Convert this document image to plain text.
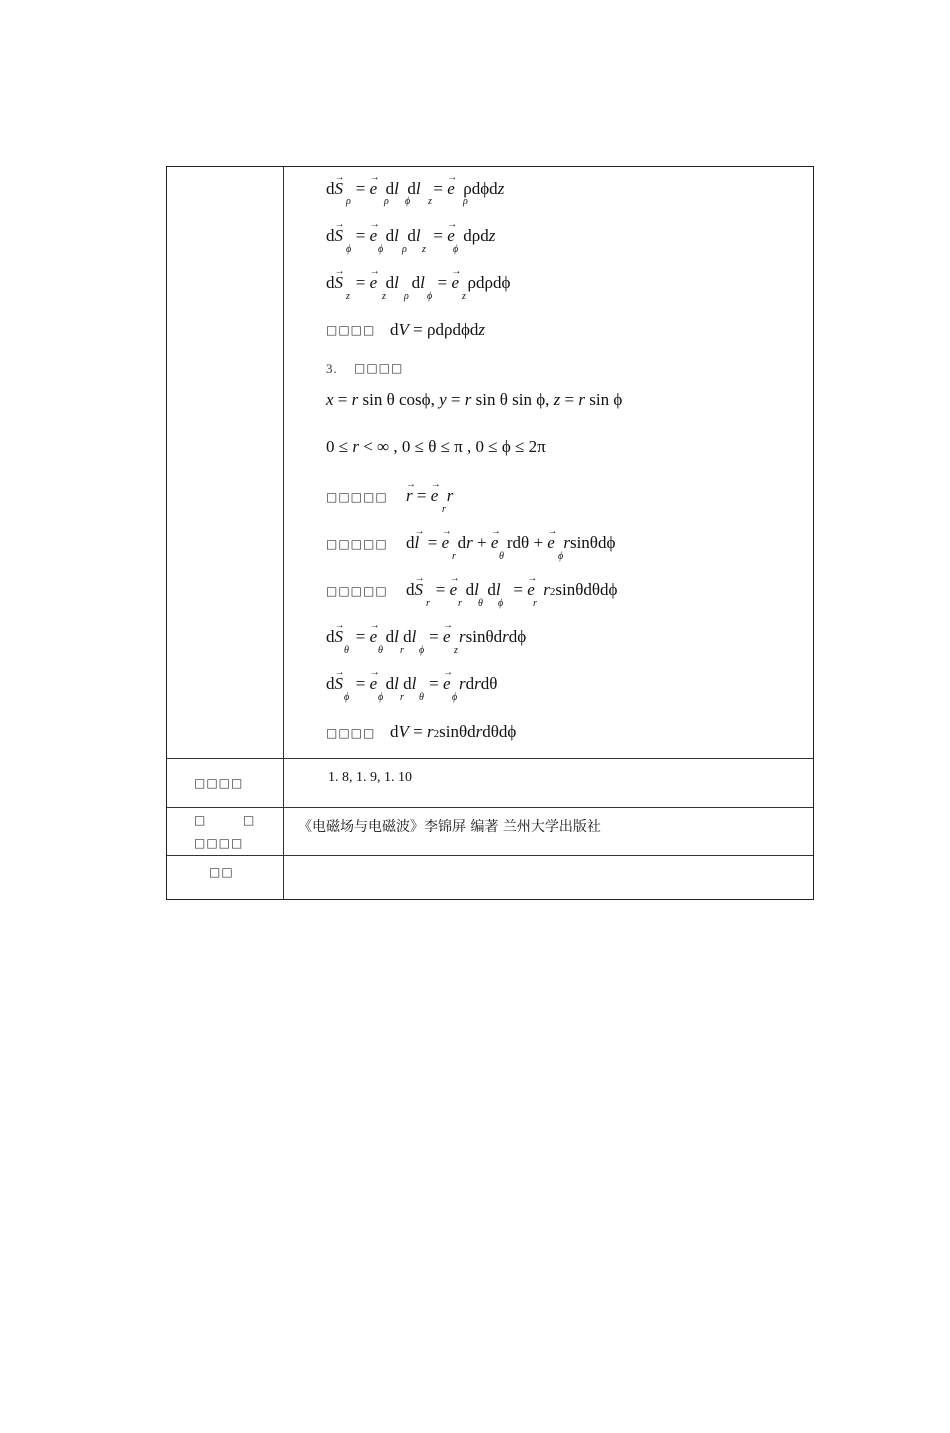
d→ S   = → e  dl  dl   = → e  ρdϕdz
ρ	ρ ϕ z	ρ
d→ S   = → e  dl  dl   = → e  dρdz
ϕ	ϕ ρ z	ϕ
d→ S   = → e  dl   dl   = → e  ρdρdϕ
z	z ρ ϕ	z
□□□□ dV = ρdρdϕdz
3. □□□□
x = r sin θ cosϕ, y = r sin θ sin ϕ, z = r sin ϕ
0 ≤ r < ∞ , 0 ≤ θ ≤ π , 0 ≤ ϕ ≤ 2π
□□□□□
→ r = → e r
r
□□□□□ d→ l  = → e  dr + → e  rdθ + → e rsinθdϕ
r	θ	ϕ
□□□□□ d→ S   = → e  dl  dl   = → e r2sinθdθdϕ
r	r θ ϕ	r
d→ S   = → e  dl dl   = → e rsinθdrdϕ
θ	θ r ϕ	z
d→ S   = → e  dl dl   = → e rdrdθ
ϕ	ϕ r θ	ϕ
□□□□ dV = r2sinθdrdθdϕ
□□□□	1. 8, 1. 9, 1. 10
□	□
□□□□
《电磁场与电磁波》李锦屏 编著 兰州大学出版社
□□
